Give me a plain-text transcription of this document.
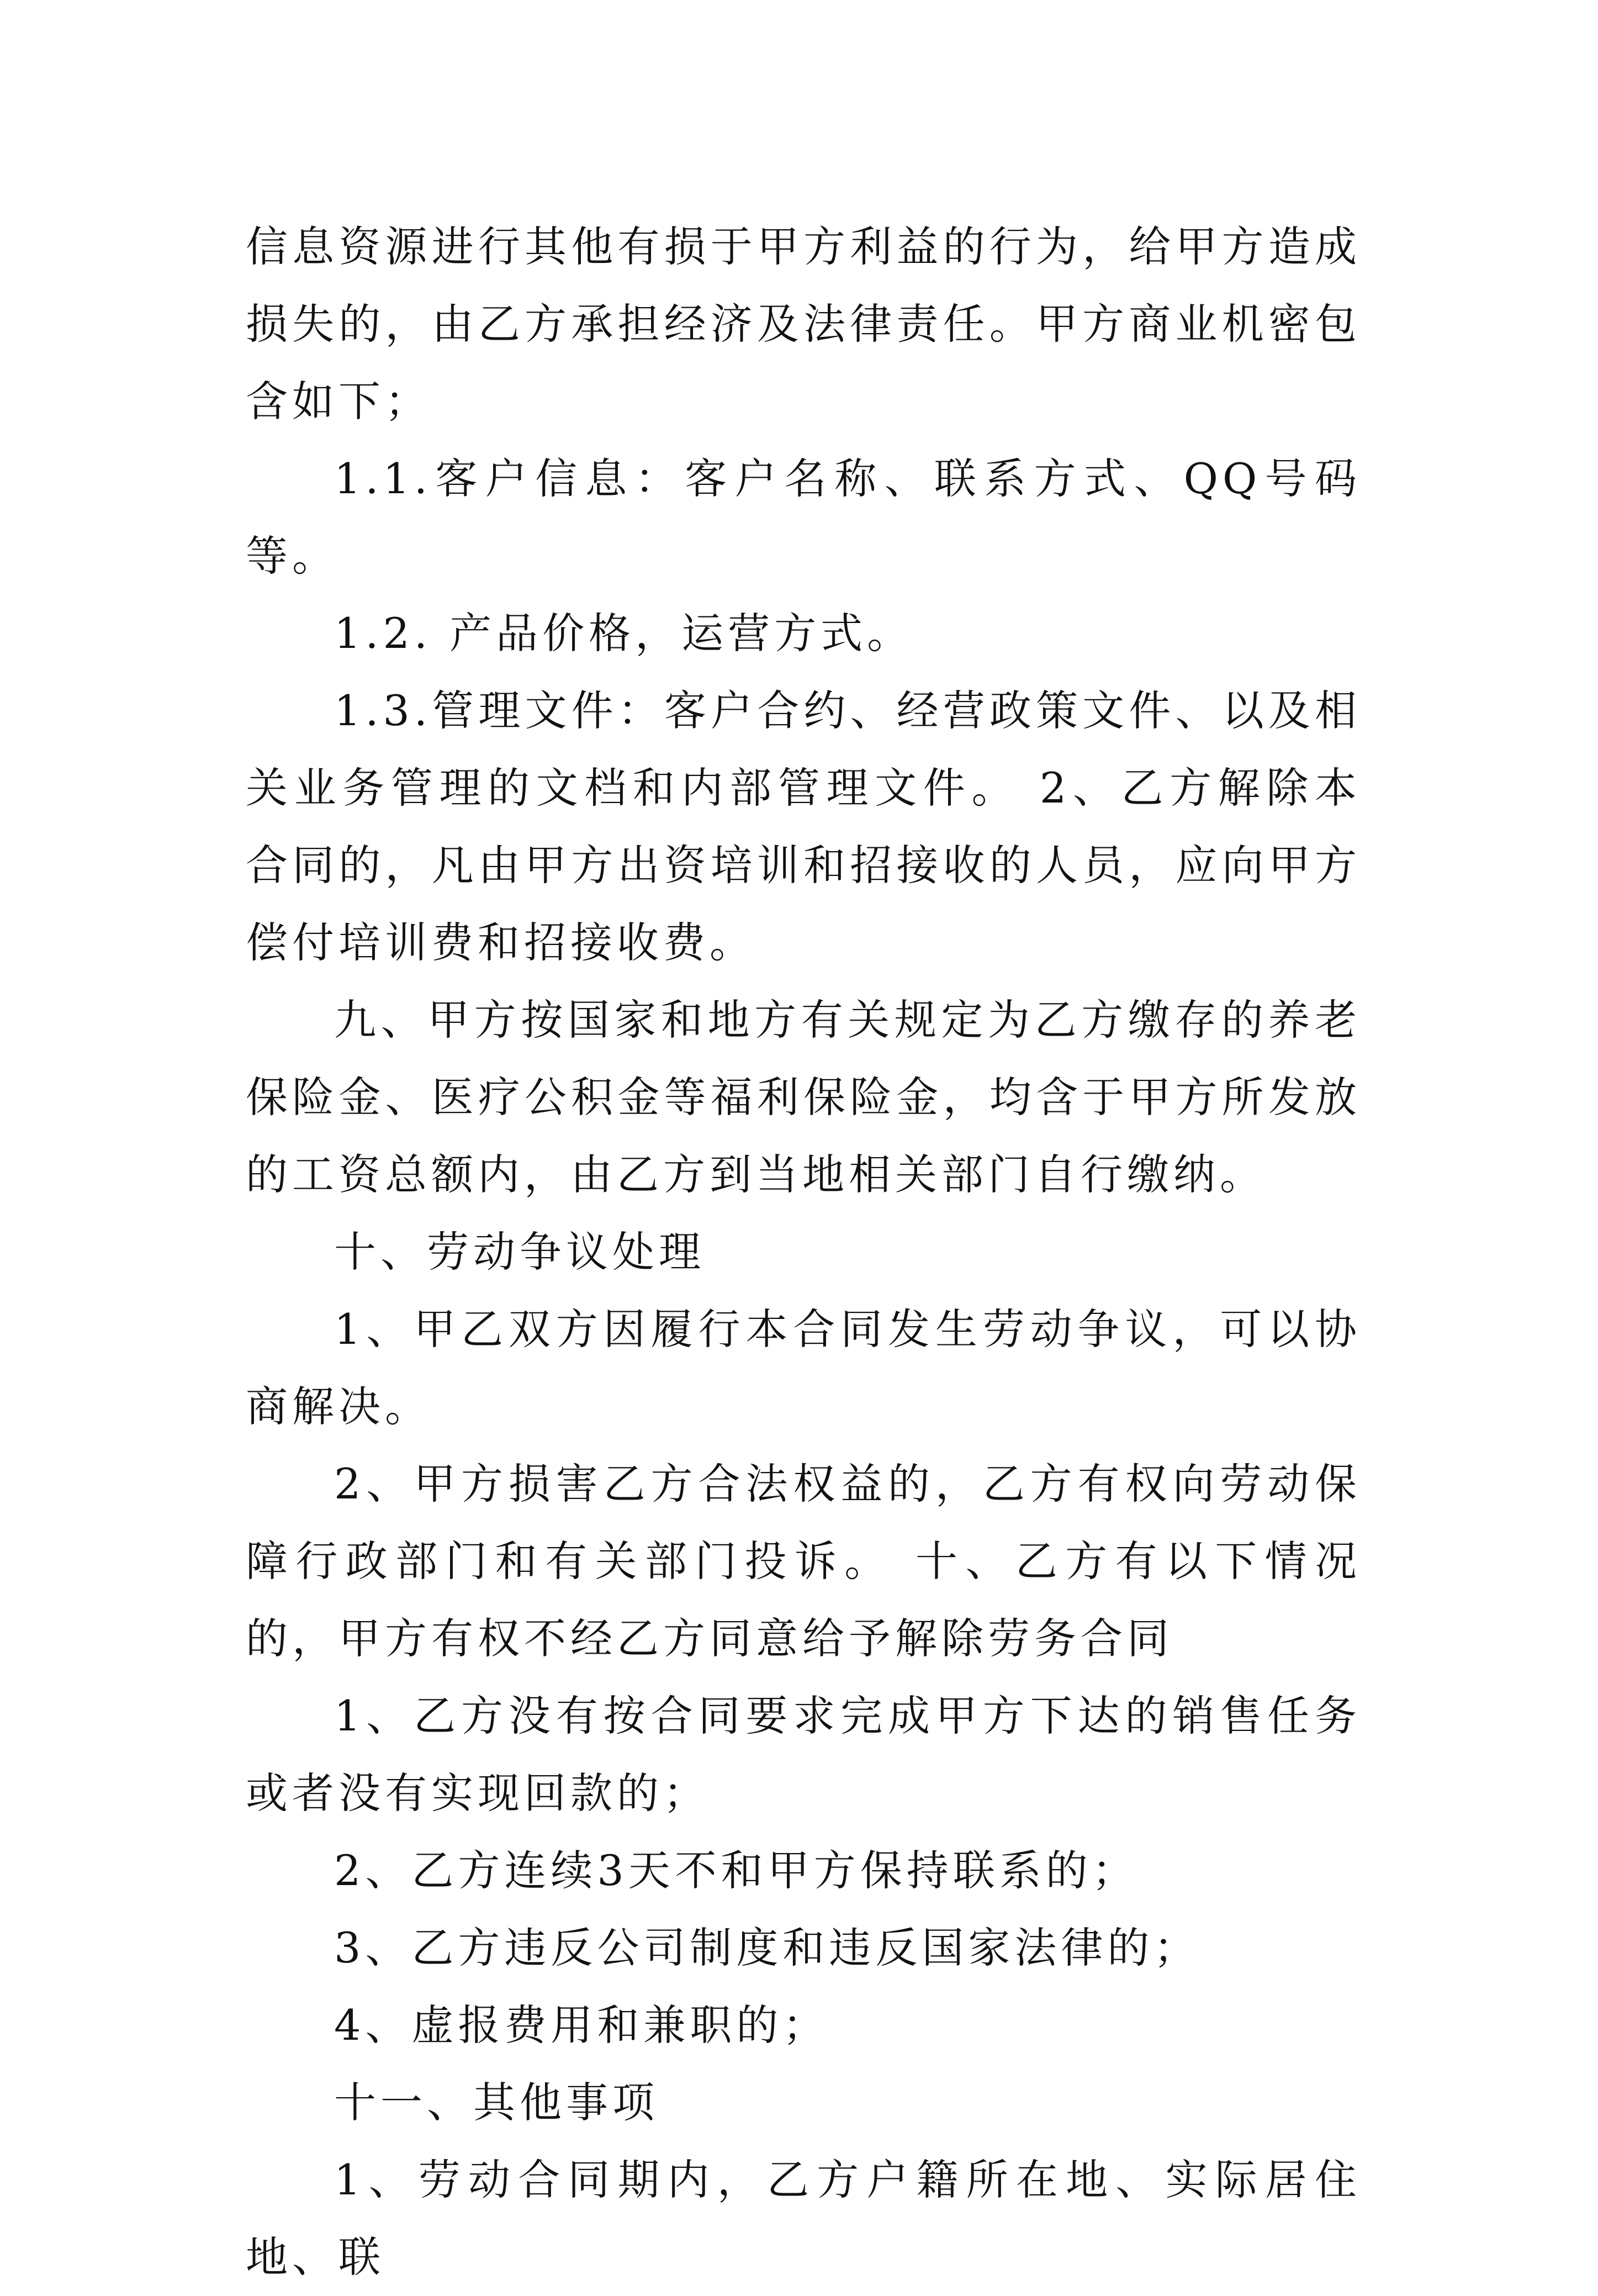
信息资源进行其他有损于甲方利益的行为，给甲方造成损失的，由乙方承担经济及法律责任。甲方商业机密包含如下；

1.1.客户信息：客户名称、联系方式、QQ号码等。

1.2. 产品价格，运营方式。

1.3.管理文件：客户合约、经营政策文件、以及相关业务管理的文档和内部管理文件。 2、乙方解除本合同的，凡由甲方出资培训和招接收的人员，应向甲方偿付培训费和招接收费。

九、甲方按国家和地方有关规定为乙方缴存的养老保险金、医疗公积金等福利保险金，均含于甲方所发放的工资总额内，由乙方到当地相关部门自行缴纳。

十、劳动争议处理

1、甲乙双方因履行本合同发生劳动争议，可以协商解决。

2、甲方损害乙方合法权益的，乙方有权向劳动保障行政部门和有关部门投诉。 十、乙方有以下情况的，甲方有权不经乙方同意给予解除劳务合同

1、乙方没有按合同要求完成甲方下达的销售任务或者没有实现回款的；

2、乙方连续3天不和甲方保持联系的；

3、乙方违反公司制度和违反国家法律的；

4、虚报费用和兼职的；

十一、其他事项

1、劳动合同期内，乙方户籍所在地、实际居住地、联
